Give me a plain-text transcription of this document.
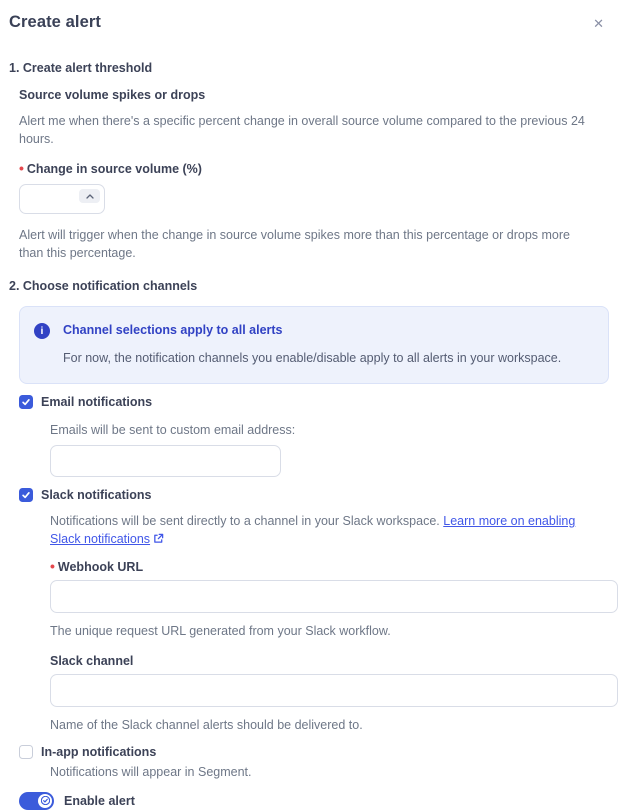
Create alert	✕
1. Create alert threshold
Source volume spikes or drops
Alert me when there's a specific percent change in overall source volume compared to the previous 24 hours.
• Change in source volume (%)
Alert will trigger when the change in source volume spikes more than this percentage or drops more than this percentage.
2. Choose notification channels
i	Channel selections apply to all alerts
For now, the notification channels you enable/disable apply to all alerts in your workspace.
Email notifications
Emails will be sent to custom email address:
Slack notifications
Notifications will be sent directly to a channel in your Slack workspace. Learn more on enabling Slack notifications
• Webhook URL
The unique request URL generated from your Slack workflow.
Slack channel
Name of the Slack channel alerts should be delivered to.
In-app notifications
Notifications will appear in Segment.
Enable alert
